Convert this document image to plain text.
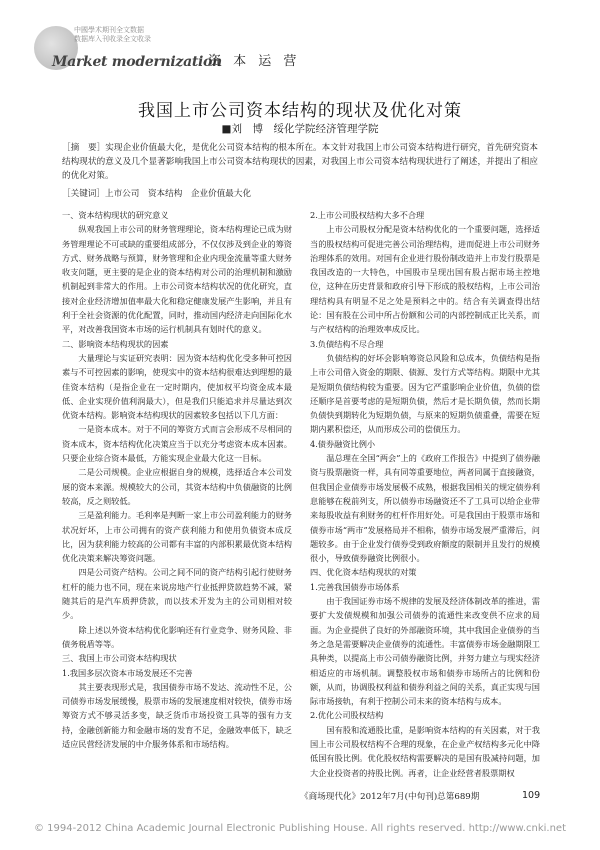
中國學术期刊全文数据
数据库入刊收录全文收录
Market modernization
资 本 运 营
我国上市公司资本结构的现状及优化对策
■刘　博　绥化学院经济管理学院
［摘　要］实现企业价值最大化，是优化公司资本结构的根本所在。本文针对我国上市公司资本结构进行研究，首先研究资本结构现状的意义及几个显著影响我国上市公司资本结构现状的因素，对我国上市公司资本结构现状进行了阐述，并提出了相应的优化对策。
［关键词］上市公司　资本结构　企业价值最大化

一、资本结构现状的研究意义

纵观我国上市公司的财务管理理论，资本结构理论已成为财务管理理论不可或缺的重要组成部分，不仅仅涉及到企业的筹资方式、财务战略与预算，财务管理和企业内现金流量等重大财务收支问题，更主要的是企业的资本结构对公司的治理机制和激励机制起到非常大的作用。上市公司资本结构状况的优化研究，直接对企业经济增加值率最大化和稳定健康发展产生影响，并且有利于全社会资源的优化配置，同时，推动国内经济走向国际化水平，对改善我国资本市场的运行机制具有划时代的意义。

二、影响资本结构现状的因素

大量理论与实证研究表明：因为资本结构优化受多种可控因素与不可控因素的影响，使现实中的资本结构很难达到理想的最佳资本结构（是指企业在一定时期内，使加权平均资金成本最低、企业实现价值利润最大），但是我们只能追求并尽量达到次优资本结构。影响资本结构现状的因素较多包括以下几方面：

一是资本成本。对于不同的筹资方式而言会形成不尽相同的资本成本，资本结构优化决策应当于以充分考虑资本成本因素。只要企业综合资本最低，方能实现企业最大化这一目标。

二是公司规模。企业应根据自身的规模，选择适合本公司发展的资本来源。规模较大的公司，其资本结构中负债融资的比例较高，反之则较低。

三是盈利能力。毛利率是判断一家上市公司盈利能力的财务状况好坏，上市公司拥有的资产获利能力和使用负债资本成反比，因为获利能力较高的公司都有丰富的内部积累最优资本结构优化决策来解决筹资问题。

四是公司资产结构。公司之间不同的资产结构引起行使财务杠杆的能力也不同，现在来说房地产行业抵押贷款趋势不减，紧随其后的是汽车质押贷款，而以技术开发为主的公司则相对较少。

除上述以外资本结构优化影响还有行业竞争、财务风险、非债务税盾等等。

三、我国上市公司资本结构现状

1.我国多层次资本市场发展还不完善

其主要表现形式是，我国债券市场不发达、流动性不足，公司债券市场发展缓慢，股票市场的发展速度相对较快，债券市场筹资方式不够灵活多变，缺乏货币市场投资工具等的强有力支持，金融创新能力和金融市场的发育不足，金融效率低下，缺乏适应民营经济发展的中介服务体系和市场结构。

2.上市公司股权结构大多不合理

上市公司股权分配是资本结构优化的一个重要问题，选择适当的股权结构可促进完善公司治理结构，进而促进上市公司财务治理体系的效用。对国有企业进行股份制改造并上市发行股票是我国改造的一大特色，中国股市呈现出国有股占据市场主控地位，这种在历史背景和政府引导下形成的股权结构，上市公司治理结构具有明显不足之处是预料之中的。结合有关调查得出结论：国有股在公司中所占份额和公司的内部控制成正比关系，而与产权结构的治理效率成反比。

3.负债结构不尽合理

负债结构的好坏会影响筹资总风险和总成本，负债结构是指上市公司借入资金的期限、债源、发行方式等结构。期限中尤其是短期负债结构较为重要。因为它严重影响企业价值，负债的偿还顺序是首要考虑的是短期负债，然后才是长期负债，然而长期负债快到期转化为短期负债，与原来的短期负债重叠，需要在短期内累积偿还，从而形成公司的偿债压力。

4.债券融资比例小

温总理在全国“两会”上的《政府工作报告》中提到了债券融资与股票融资一样，具有同等重要地位，两者同属于直接融资，但我国企业债券市场发展极不成熟，根据我国相关的规定债券利息能够在税前列支，所以债券市场融资还不了工具可以给企业带来每股收益有利财务的杠杆作用好处。可是我国由于股票市场和债券市场“两市”发展格局并不相称，债券市场发展严重滞后，问题较多。由于企业发行债券受到政府额度的限制并且发行的规模很小，导致债券融资比例很小。

四、优化资本结构现状的对策

1.完善我国债券市场体系

由于我国证券市场不规律的发展及经济体制改革的推进，需要扩大发债规模和加强公司债券的流通性来改变供不应求的局面。为企业提供了良好的外部融资环境，其中我国企业债券的当务之急是需要解决企业债券的流通性。丰富债券市场金融期限工具种类，以提高上市公司债券融资比例，并努力建立与现实经济相适应的市场机制。调整股权市场和债券市场所占的比例和份额，从而，协调股权利益和债券利益之间的关系，真正实现与国际市场接轨，有利于控制公司未来的资本结构与成本。

2.优化公司股权结构

国有股和流通股比重，是影响资本结构的有关因素，对于我国上市公司股权结构不合理的现象，在企业产权结构多元化中降低国有股比例。优化股权结构需要解决的是国有股减持问题，加大企业投资者的持股比例。再者，让企业经营者股票期权

《商场现代化》2012年7月(中旬刊)总第689期	109
© 1994-2012 China Academic Journal Electronic Publishing House. All rights reserved. http://www.cnki.net
